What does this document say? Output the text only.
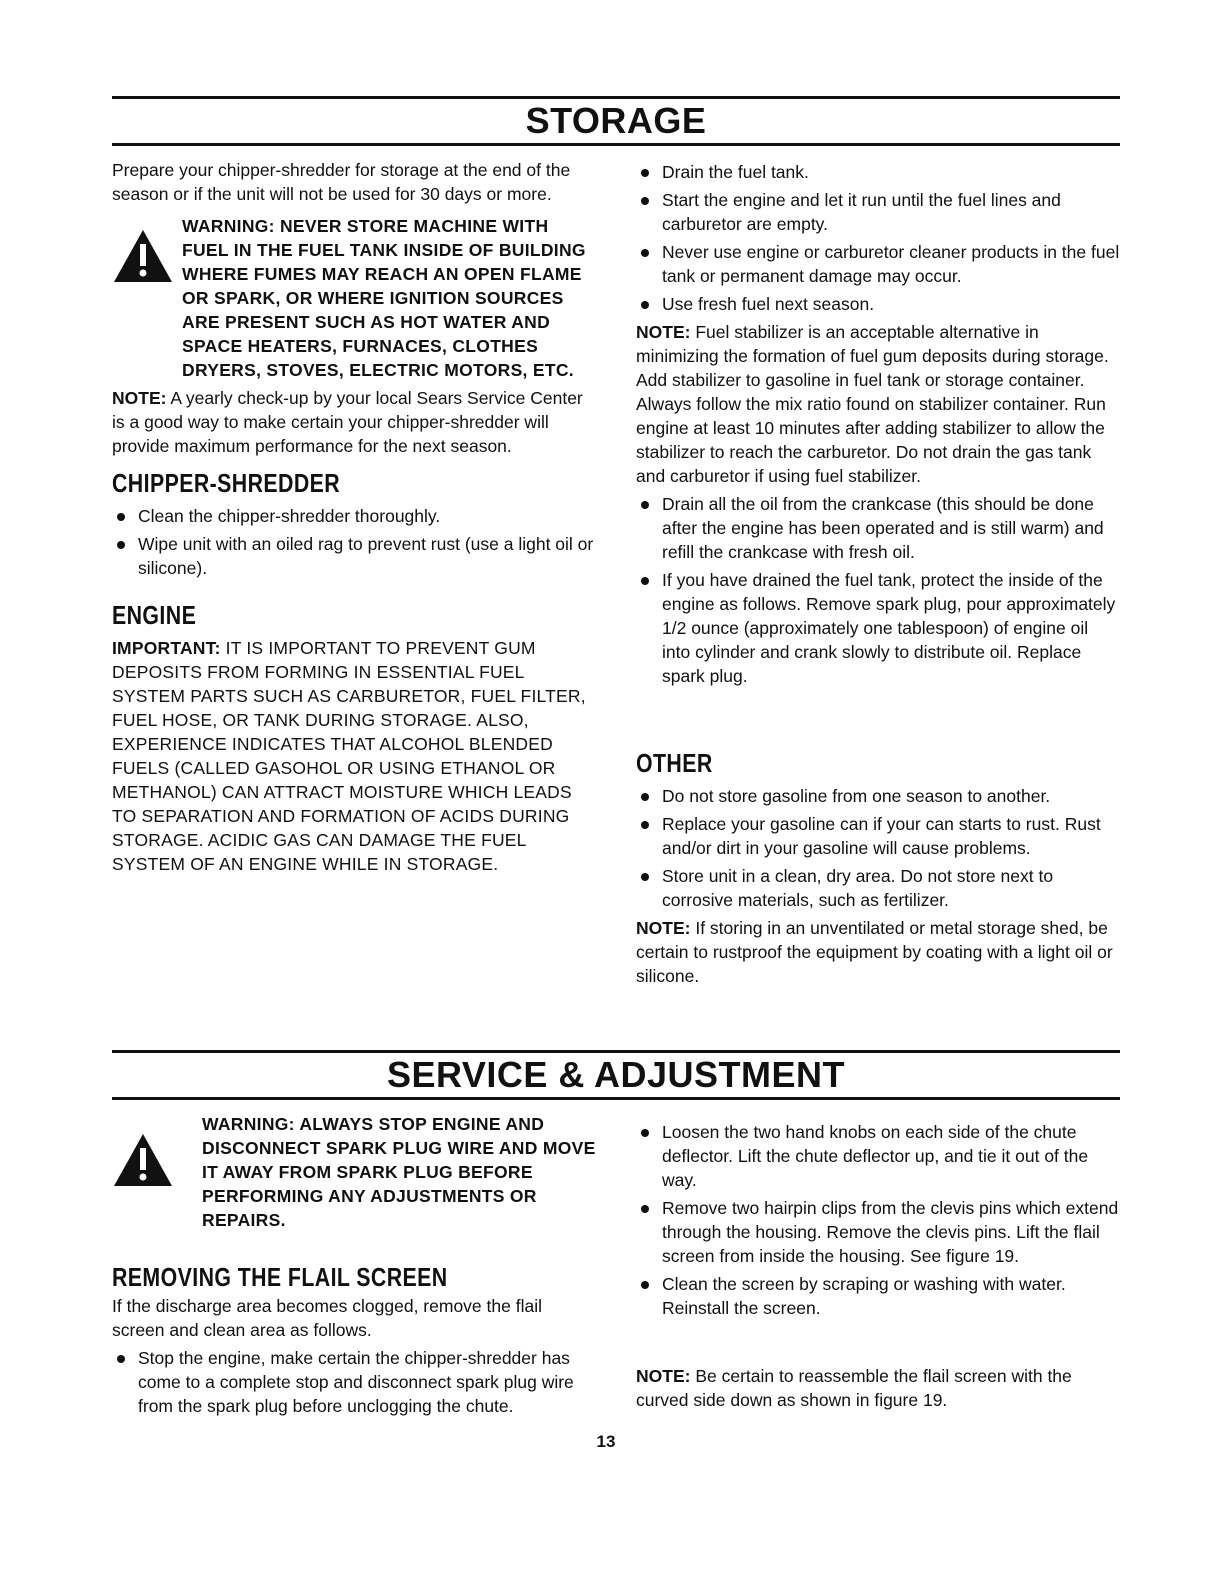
STORAGE

Prepare your chipper-shredder for storage at the end of the season or if the unit will not be used for 30 days or more.

WARNING: NEVER STORE MACHINE WITH FUEL IN THE FUEL TANK INSIDE OF BUILDING WHERE FUMES MAY REACH AN OPEN FLAME OR SPARK, OR WHERE IGNITION SOURCES ARE PRESENT SUCH AS HOT WATER AND SPACE HEATERS, FURNACES, CLOTHES DRYERS, STOVES, ELECTRIC MOTORS, ETC.

NOTE: A yearly check-up by your local Sears Service Center is a good way to make certain your chipper-shredder will provide maximum performance for the next season.

CHIPPER-SHREDDER
Clean the chipper-shredder thoroughly.
Wipe unit with an oiled rag to prevent rust (use a light oil or silicone).
ENGINE

IMPORTANT: IT IS IMPORTANT TO PREVENT GUM DEPOSITS FROM FORMING IN ESSENTIAL FUEL SYSTEM PARTS SUCH AS CARBURETOR, FUEL FILTER, FUEL HOSE, OR TANK DURING STORAGE. ALSO, EXPERIENCE INDICATES THAT ALCOHOL BLENDED FUELS (CALLED GASOHOL OR USING ETHANOL OR METHANOL) CAN ATTRACT MOISTURE WHICH LEADS TO SEPARATION AND FORMATION OF ACIDS DURING STORAGE. ACIDIC GAS CAN DAMAGE THE FUEL SYSTEM OF AN ENGINE WHILE IN STORAGE.

Drain the fuel tank.
Start the engine and let it run until the fuel lines and carburetor are empty.
Never use engine or carburetor cleaner products in the fuel tank or permanent damage may occur.
Use fresh fuel next season.

NOTE: Fuel stabilizer is an acceptable alternative in minimizing the formation of fuel gum deposits during storage. Add stabilizer to gasoline in fuel tank or storage container. Always follow the mix ratio found on stabilizer container. Run engine at least 10 minutes after adding stabilizer to allow the stabilizer to reach the carburetor. Do not drain the gas tank and carburetor if using fuel stabilizer.

Drain all the oil from the crankcase (this should be done after the engine has been operated and is still warm) and refill the crankcase with fresh oil.
If you have drained the fuel tank, protect the inside of the engine as follows. Remove spark plug, pour approximately 1/2 ounce (approximately one tablespoon) of engine oil into cylinder and crank slowly to distribute oil. Replace spark plug.
OTHER
Do not store gasoline from one season to another.
Replace your gasoline can if your can starts to rust. Rust and/or dirt in your gasoline will cause problems.
Store unit in a clean, dry area. Do not store next to corrosive materials, such as fertilizer.

NOTE: If storing in an unventilated or metal storage shed, be certain to rustproof the equipment by coating with a light oil or silicone.

SERVICE & ADJUSTMENT
WARNING: ALWAYS STOP ENGINE AND DISCONNECT SPARK PLUG WIRE AND MOVE IT AWAY FROM SPARK PLUG BEFORE PERFORMING ANY ADJUSTMENTS OR REPAIRS.
REMOVING THE FLAIL SCREEN

If the discharge area becomes clogged, remove the flail screen and clean area as follows.

Stop the engine, make certain the chipper-shredder has come to a complete stop and disconnect spark plug wire from the spark plug before unclogging the chute.
Loosen the two hand knobs on each side of the chute deflector. Lift the chute deflector up, and tie it out of the way.
Remove two hairpin clips from the clevis pins which extend through the housing. Remove the clevis pins. Lift the flail screen from inside the housing. See figure 19.
Clean the screen by scraping or washing with water. Reinstall the screen.

NOTE: Be certain to reassemble the flail screen with the curved side down as shown in figure 19.

13
